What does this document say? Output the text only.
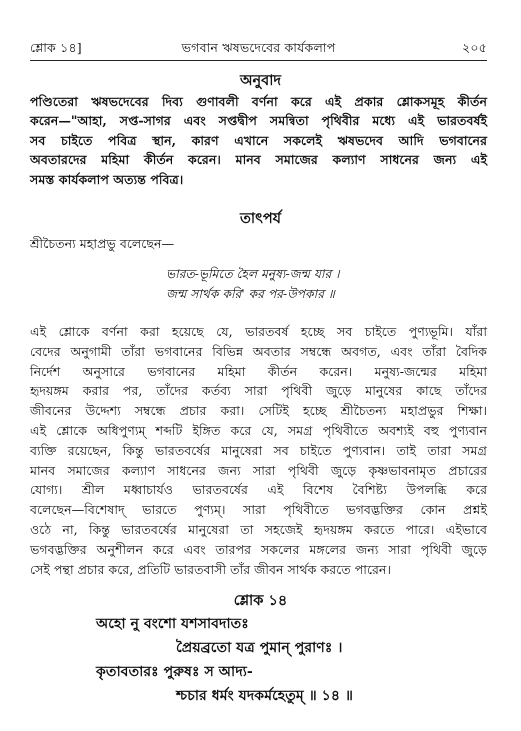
শ্লোক ১৪]	ভগবান ঋষভদেবের কার্যকলাপ	২০৫
অনুবাদ
পণ্ডিতেরা ঋষভদেবের দিব্য গুণাবলী বর্ণনা করে এই প্রকার শ্লোকসমূহ কীর্তন
করেন—"আহা, সপ্ত-সাগর এবং সপ্তদ্বীপ সমন্বিতা পৃথিবীর মধ্যে এই ভারতবর্ষই
সব চাইতে পবিত্র স্থান, কারণ এখানে সকলেই ঋষভদেব আদি ভগবানের
অবতারদের মহিমা কীর্তন করেন। মানব সমাজের কল্যাণ সাধনের জন্য এই
সমস্ত কার্যকলাপ অত্যন্ত পবিত্র।
তাৎপর্য
শ্রীচৈতন্য মহাপ্রভু বলেছেন—
ভারত-ভূমিতে হৈল মনুষ্য-জন্ম যার ।
জন্ম সার্থক করি' কর পর-উপকার ॥
এই শ্লোকে বর্ণনা করা হয়েছে যে, ভারতবর্ষ হচ্ছে সব চাইতে পুণ্যভূমি। যাঁরা
বেদের অনুগামী তাঁরা ভগবানের বিভিন্ন অবতার সম্বন্ধে অবগত, এবং তাঁরা বৈদিক
নির্দেশ অনুসারে ভগবানের মহিমা কীর্তন করেন। মনুষ্য-জন্মের মহিমা
হৃদয়ঙ্গম করার পর, তাঁদের কর্তব্য সারা পৃথিবী জুড়ে মানুষের কাছে তাঁদের
জীবনের উদ্দেশ্য সম্বন্ধে প্রচার করা। সেটিই হচ্ছে শ্রীচৈতন্য মহাপ্রভুর শিক্ষা।
এই শ্লোকে অধিপুণ্যম্ শব্দটি ইঙ্গিত করে যে, সমগ্র পৃথিবীতে অবশ্যই বহু পুণ্যবান
ব্যক্তি রয়েছেন, কিন্তু ভারতবর্ষের মানুষেরা সব চাইতে পুণ্যবান। তাই তারা সমগ্র
মানব সমাজের কল্যাণ সাধনের জন্য সারা পৃথিবী জুড়ে কৃষ্ণভাবনামৃত প্রচারের
যোগ্য। শ্রীল মধ্বাচার্যও ভারতবর্ষের এই বিশেষ বৈশিষ্ট্য উপলব্ধি করে
বলেছেন—বিশেষাদ্ ভারতে পুণ্যম্। সারা পৃথিবীতে ভগবদ্ভক্তির কোন প্রশ্নই
ওঠে না, কিন্তু ভারতবর্ষের মানুষেরা তা সহজেই হৃদয়ঙ্গম করতে পারে। এইভাবে
ভগবদ্ভক্তির অনুশীলন করে এবং তারপর সকলের মঙ্গলের জন্য সারা পৃথিবী জুড়ে
সেই পন্থা প্রচার করে, প্রতিটি ভারতবাসী তাঁর জীবন সার্থক করতে পারেন।
শ্লোক ১৪
অহো নু বংশো যশসাবদাতঃ
প্রৈয়ব্রতো যত্র পুমান্ পুরাণঃ ।
কৃতাবতারঃ পুরুষঃ স আদ্য-
শ্চচার ধর্মং যদকর্মহেতুম্ ॥ ১৪ ॥
